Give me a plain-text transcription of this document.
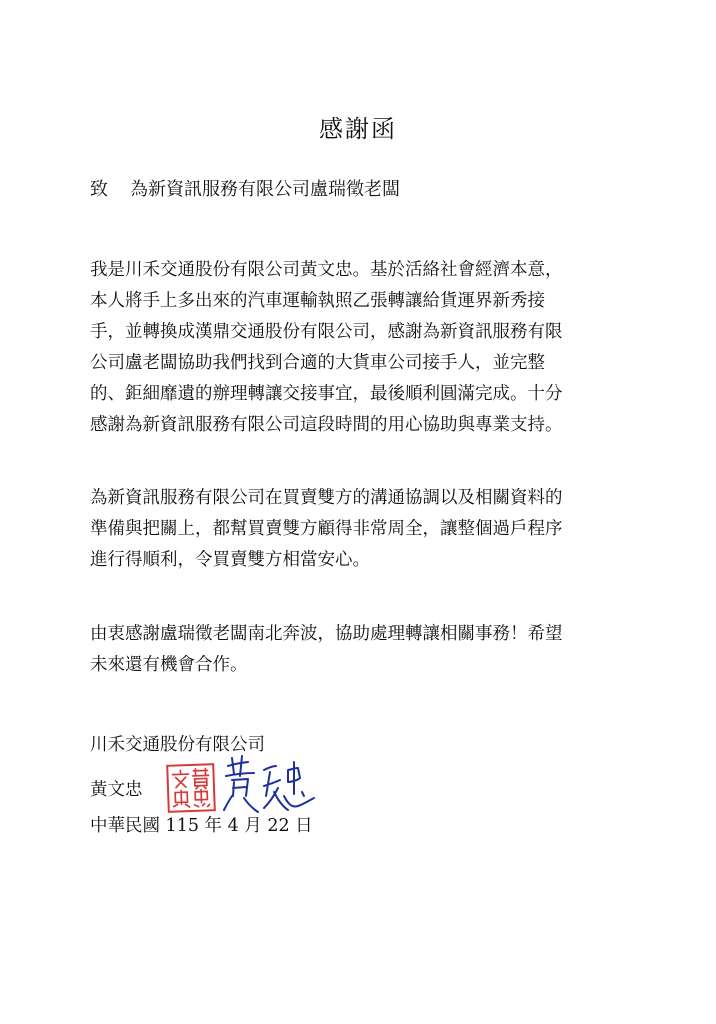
感謝函
致 為新資訊服務有限公司盧瑞徵老闆

我是川禾交通股份有限公司黃文忠。基於活絡社會經濟本意，
本人將手上多出來的汽車運輸執照乙張轉讓給貨運界新秀接
手，並轉換成漢鼎交通股份有限公司，感謝為新資訊服務有限
公司盧老闆協助我們找到合適的大貨車公司接手人，並完整
的、鉅細靡遺的辦理轉讓交接事宜，最後順利圓滿完成。十分
感謝為新資訊服務有限公司這段時間的用心協助與專業支持。

為新資訊服務有限公司在買賣雙方的溝通協調以及相關資料的
準備與把關上，都幫買賣雙方顧得非常周全，讓整個過戶程序
進行得順利，令買賣雙方相當安心。

由衷感謝盧瑞徵老闆南北奔波，協助處理轉讓相關事務！希望
未來還有機會合作。

川禾交通股份有限公司
黃文忠
中華民國 115 年 4 月 22 日
